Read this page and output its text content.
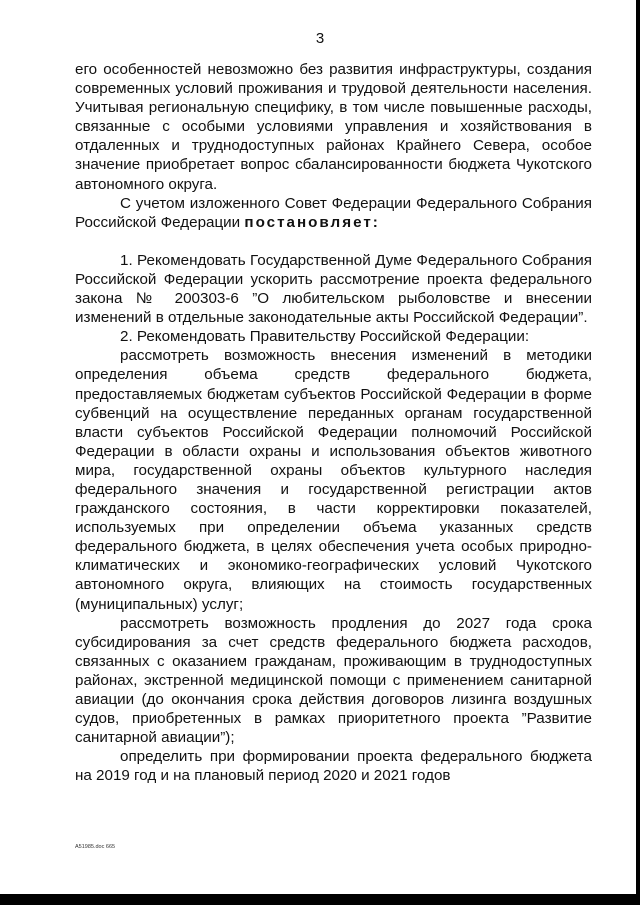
3

его особенностей невозможно без развития инфраструктуры, создания современных условий проживания и трудовой деятельности населения. Учитывая региональную специфику, в том числе повышенные расходы, связанные с особыми условиями управления и хозяйствования в отдаленных и труднодоступных районах Крайнего Севера, особое значение приобретает вопрос сбалансированности бюджета Чукотского автономного округа.

С учетом изложенного Совет Федерации Федерального Собрания Российской Федерации постановляет:

1. Рекомендовать Государственной Думе Федерального Собрания Российской Федерации ускорить рассмотрение проекта федерального закона № 200303-6 ”О любительском рыболовстве и внесении изменений в отдельные законодательные акты Российской Федерации”.

2. Рекомендовать Правительству Российской Федерации:

рассмотреть возможность внесения изменений в методики определения объема средств федерального бюджета, предоставляемых бюджетам субъектов Российской Федерации в форме субвенций на осуществление переданных органам государственной власти субъектов Российской Федерации полномочий Российской Федерации в области охраны и использования объектов животного мира, государственной охраны объектов культурного наследия федерального значения и государственной регистрации актов гражданского состояния, в части корректировки показателей, используемых при определении объема указанных средств федерального бюджета, в целях обеспечения учета особых природно-климатических и экономико-географических условий Чукотского автономного округа, влияющих на стоимость государственных (муниципальных) услуг;

рассмотреть возможность продления до 2027 года срока субсидирования за счет средств федерального бюджета расходов, связанных с оказанием гражданам, проживающим в труднодоступных районах, экстренной медицинской помощи с применением санитарной авиации (до окончания срока действия договоров лизинга воздушных судов, приобретенных в рамках приоритетного проекта ”Развитие санитарной авиации”);

определить при формировании проекта федерального бюджета на 2019 год и на плановый период 2020 и 2021 годов

А51985.doc 665
